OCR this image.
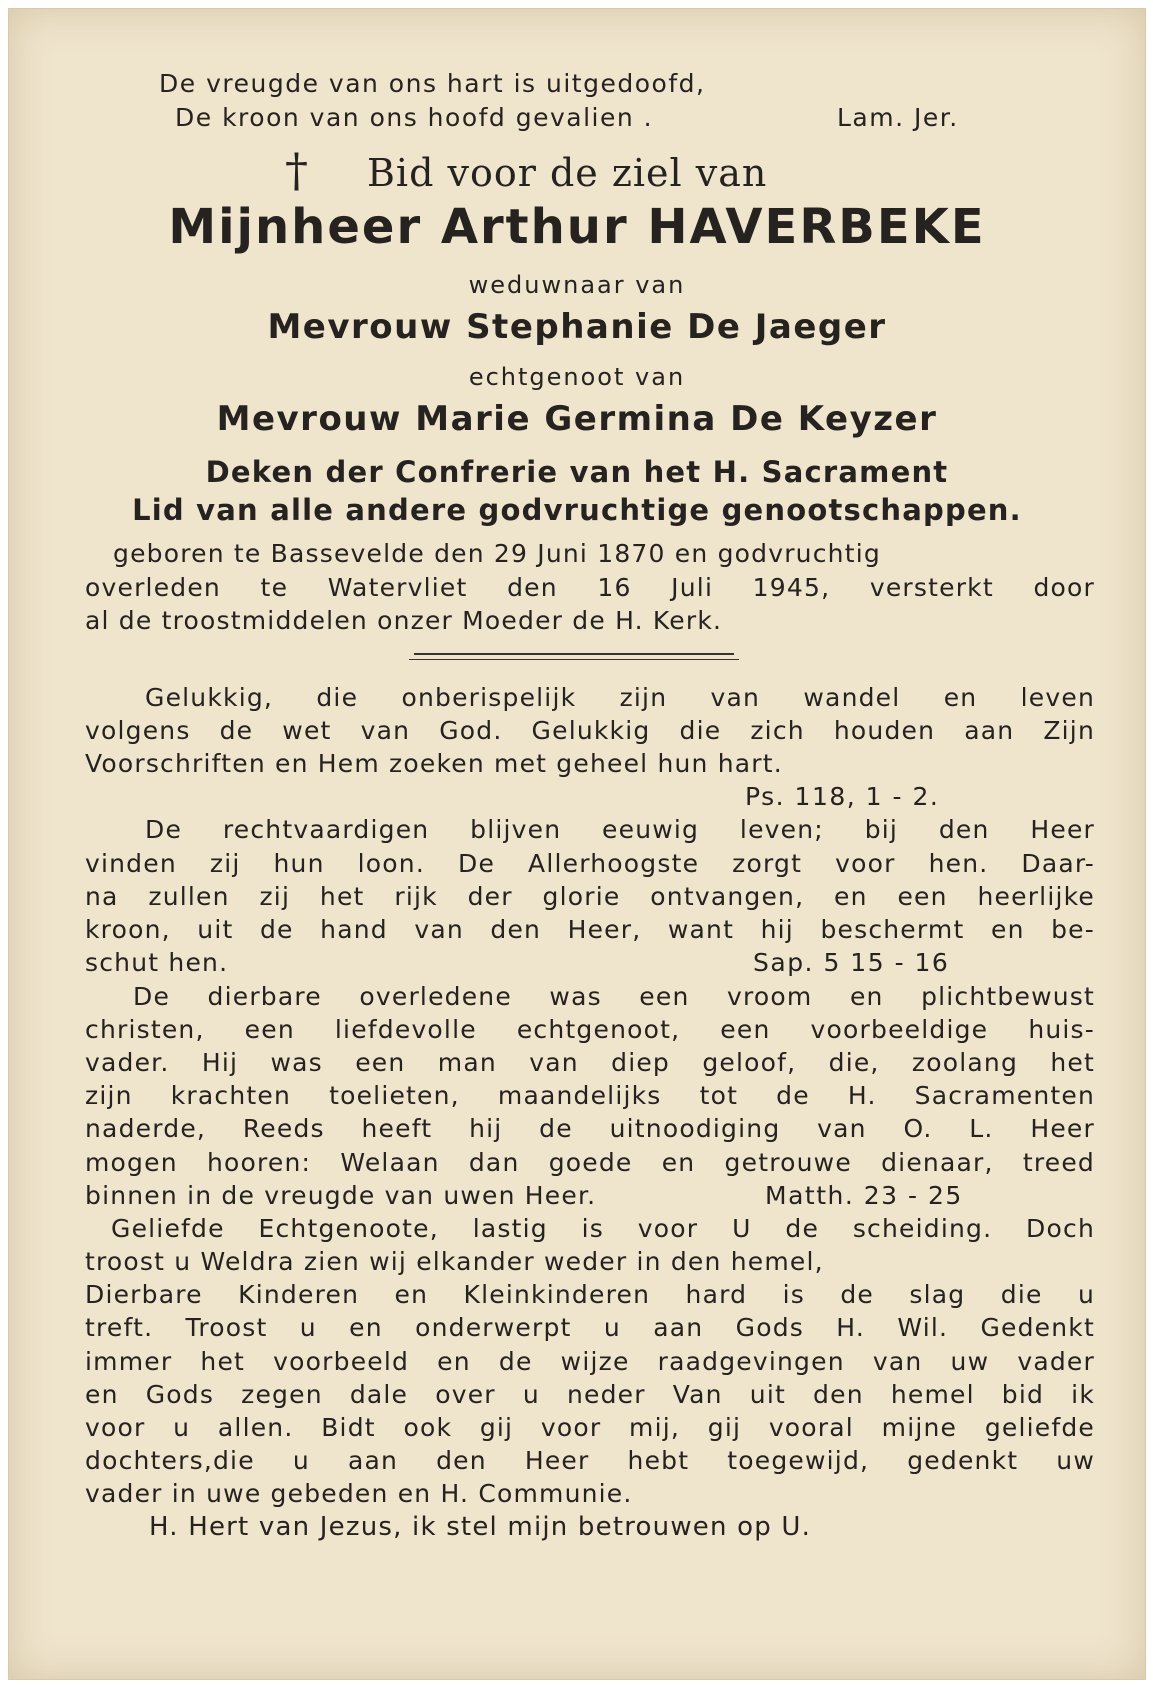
De vreugde van ons hart is uitgedoofd,
De kroon van ons hoofd gevalien .	Lam. Jer.
† Bid voor de ziel van
Mijnheer Arthur HAVERBEKE
weduwnaar van
Mevrouw Stephanie De Jaeger
echtgenoot van
Mevrouw Marie Germina De Keyzer
Deken der Confrerie van het H. Sacrament
Lid van alle andere godvruchtige genootschappen.
geboren te Bassevelde den 29 Juni 1870 en godvruchtig
overleden te Watervliet den 16 Juli 1945, versterkt door
al de troostmiddelen onzer Moeder de H. Kerk.
Gelukkig, die onberispelijk zijn van wandel en leven
volgens de wet van God. Gelukkig die zich houden aan Zijn
Voorschriften en Hem zoeken met geheel hun hart.
Ps. 118, 1 - 2.
De rechtvaardigen blijven eeuwig leven; bij den Heer
vinden zij hun loon. De Allerhoogste zorgt voor hen. Daar-
na zullen zij het rijk der glorie ontvangen, en een heerlijke
kroon, uit de hand van den Heer, want hij beschermt en be-
schut hen.	Sap. 5 15 - 16
De dierbare overledene was een vroom en plichtbewust
christen, een liefdevolle echtgenoot, een voorbeeldige huis-
vader. Hij was een man van diep geloof, die, zoolang het
zijn krachten toelieten, maandelijks tot de H. Sacramenten
naderde, Reeds heeft hij de uitnoodiging van O. L. Heer
mogen hooren: Welaan dan goede en getrouwe dienaar, treed
binnen in de vreugde van uwen Heer.	Matth. 23 - 25
Geliefde Echtgenoote, lastig is voor U de scheiding. Doch
troost u Weldra zien wij elkander weder in den hemel,
Dierbare Kinderen en Kleinkinderen hard is de slag die u
treft. Troost u en onderwerpt u aan Gods H. Wil. Gedenkt
immer het voorbeeld en de wijze raadgevingen van uw vader
en Gods zegen dale over u neder Van uit den hemel bid ik
voor u allen. Bidt ook gij voor mij, gij vooral mijne geliefde
dochters,die u aan den Heer hebt toegewijd, gedenkt uw
vader in uwe gebeden en H. Communie.
H. Hert van Jezus, ik stel mijn betrouwen op U.
